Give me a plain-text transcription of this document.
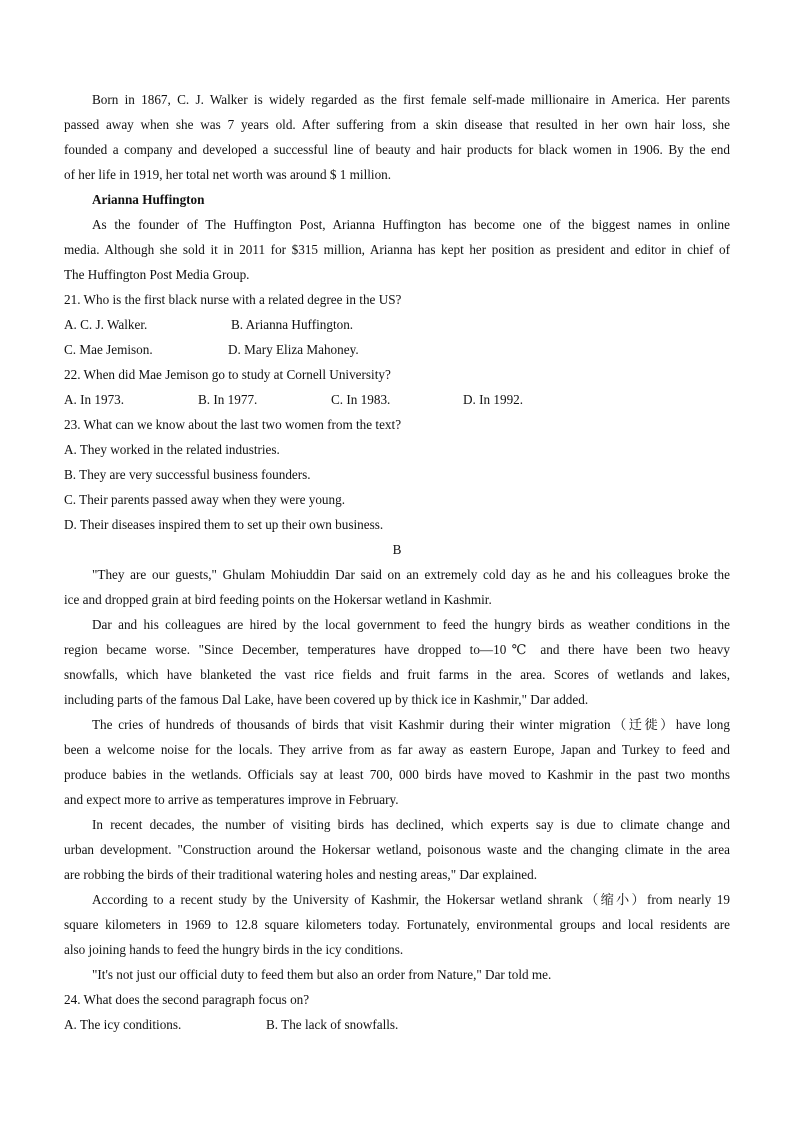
Born in 1867, C. J. Walker is widely regarded as the first female self-made millionaire in America. Her parents
passed away when she was 7 years old. After suffering from a skin disease that resulted in her own hair loss, she
founded a company and developed a successful line of beauty and hair products for black women in 1906. By the end
of her life in 1919, her total net worth was around $ 1 million.
Arianna Huffington
As the founder of The Huffington Post, Arianna Huffington has become one of the biggest names in online
media. Although she sold it in 2011 for $315 million, Arianna has kept her position as president and editor in chief of
The Huffington Post Media Group.
21. Who is the first black nurse with a related degree in the US?
A. C. J. Walker.	B. Arianna Huffington.
C. Mae Jemison.	D. Mary Eliza Mahoney.
22. When did Mae Jemison go to study at Cornell University?
A. In 1973.	B. In 1977.	C. In 1983.	D. In 1992.
23. What can we know about the last two women from the text?
A. They worked in the related industries.
B. They are very successful business founders.
C. Their parents passed away when they were young.
D. Their diseases inspired them to set up their own business.
B
"They are our guests," Ghulam Mohiuddin Dar said on an extremely cold day as he and his colleagues broke the
ice and dropped grain at bird feeding points on the Hokersar wetland in Kashmir.
Dar and his colleagues are hired by the local government to feed the hungry birds as weather conditions in the
region became worse. "Since December, temperatures have dropped to—10℃ and there have been two heavy
snowfalls, which have blanketed the vast rice fields and fruit farms in the area. Scores of wetlands and lakes,
including parts of the famous Dal Lake, have been covered up by thick ice in Kashmir," Dar added.
The cries of hundreds of thousands of birds that visit Kashmir during their winter migration（迁徙）have long
been a welcome noise for the locals. They arrive from as far away as eastern Europe, Japan and Turkey to feed and
produce babies in the wetlands. Officials say at least 700, 000 birds have moved to Kashmir in the past two months
and expect more to arrive as temperatures improve in February.
In recent decades, the number of visiting birds has declined, which experts say is due to climate change and
urban development. "Construction around the Hokersar wetland, poisonous waste and the changing climate in the area
are robbing the birds of their traditional watering holes and nesting areas," Dar explained.
According to a recent study by the University of Kashmir, the Hokersar wetland shrank（缩小）from nearly 19
square kilometers in 1969 to 12.8 square kilometers today. Fortunately, environmental groups and local residents are
also joining hands to feed the hungry birds in the icy conditions.
"It's not just our official duty to feed them but also an order from Nature," Dar told me.
24. What does the second paragraph focus on?
A. The icy conditions.	B. The lack of snowfalls.
